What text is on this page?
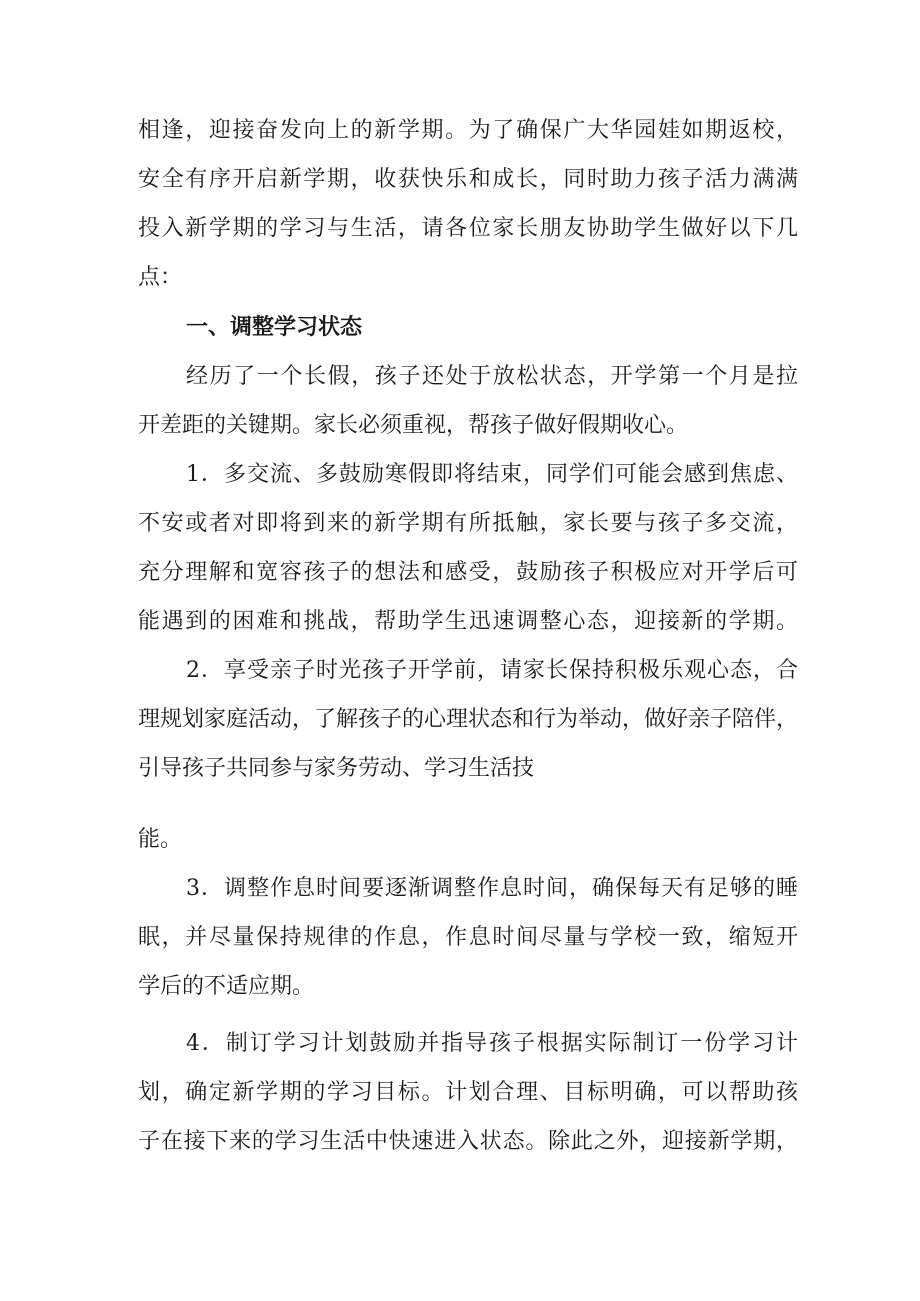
相逢，迎接奋发向上的新学期。为了确保广大华园娃如期返校，
安全有序开启新学期，收获快乐和成长，同时助力孩子活力满满
投入新学期的学习与生活，请各位家长朋友协助学生做好以下几
点：
一、调整学习状态
经历了一个长假，孩子还处于放松状态，开学第一个月是拉
开差距的关键期。家长必须重视，帮孩子做好假期收心。
1．多交流、多鼓励寒假即将结束，同学们可能会感到焦虑、
不安或者对即将到来的新学期有所抵触，家长要与孩子多交流，
充分理解和宽容孩子的想法和感受，鼓励孩子积极应对开学后可
能遇到的困难和挑战，帮助学生迅速调整心态，迎接新的学期。
2．享受亲子时光孩子开学前，请家长保持积极乐观心态，合
理规划家庭活动，了解孩子的心理状态和行为举动，做好亲子陪伴，
引导孩子共同参与家务劳动、学习生活技
能。
3．调整作息时间要逐渐调整作息时间，确保每天有足够的睡
眠，并尽量保持规律的作息，作息时间尽量与学校一致，缩短开
学后的不适应期。
4．制订学习计划鼓励并指导孩子根据实际制订一份学习计
划，确定新学期的学习目标。计划合理、目标明确，可以帮助孩
子在接下来的学习生活中快速进入状态。除此之外，迎接新学期，
